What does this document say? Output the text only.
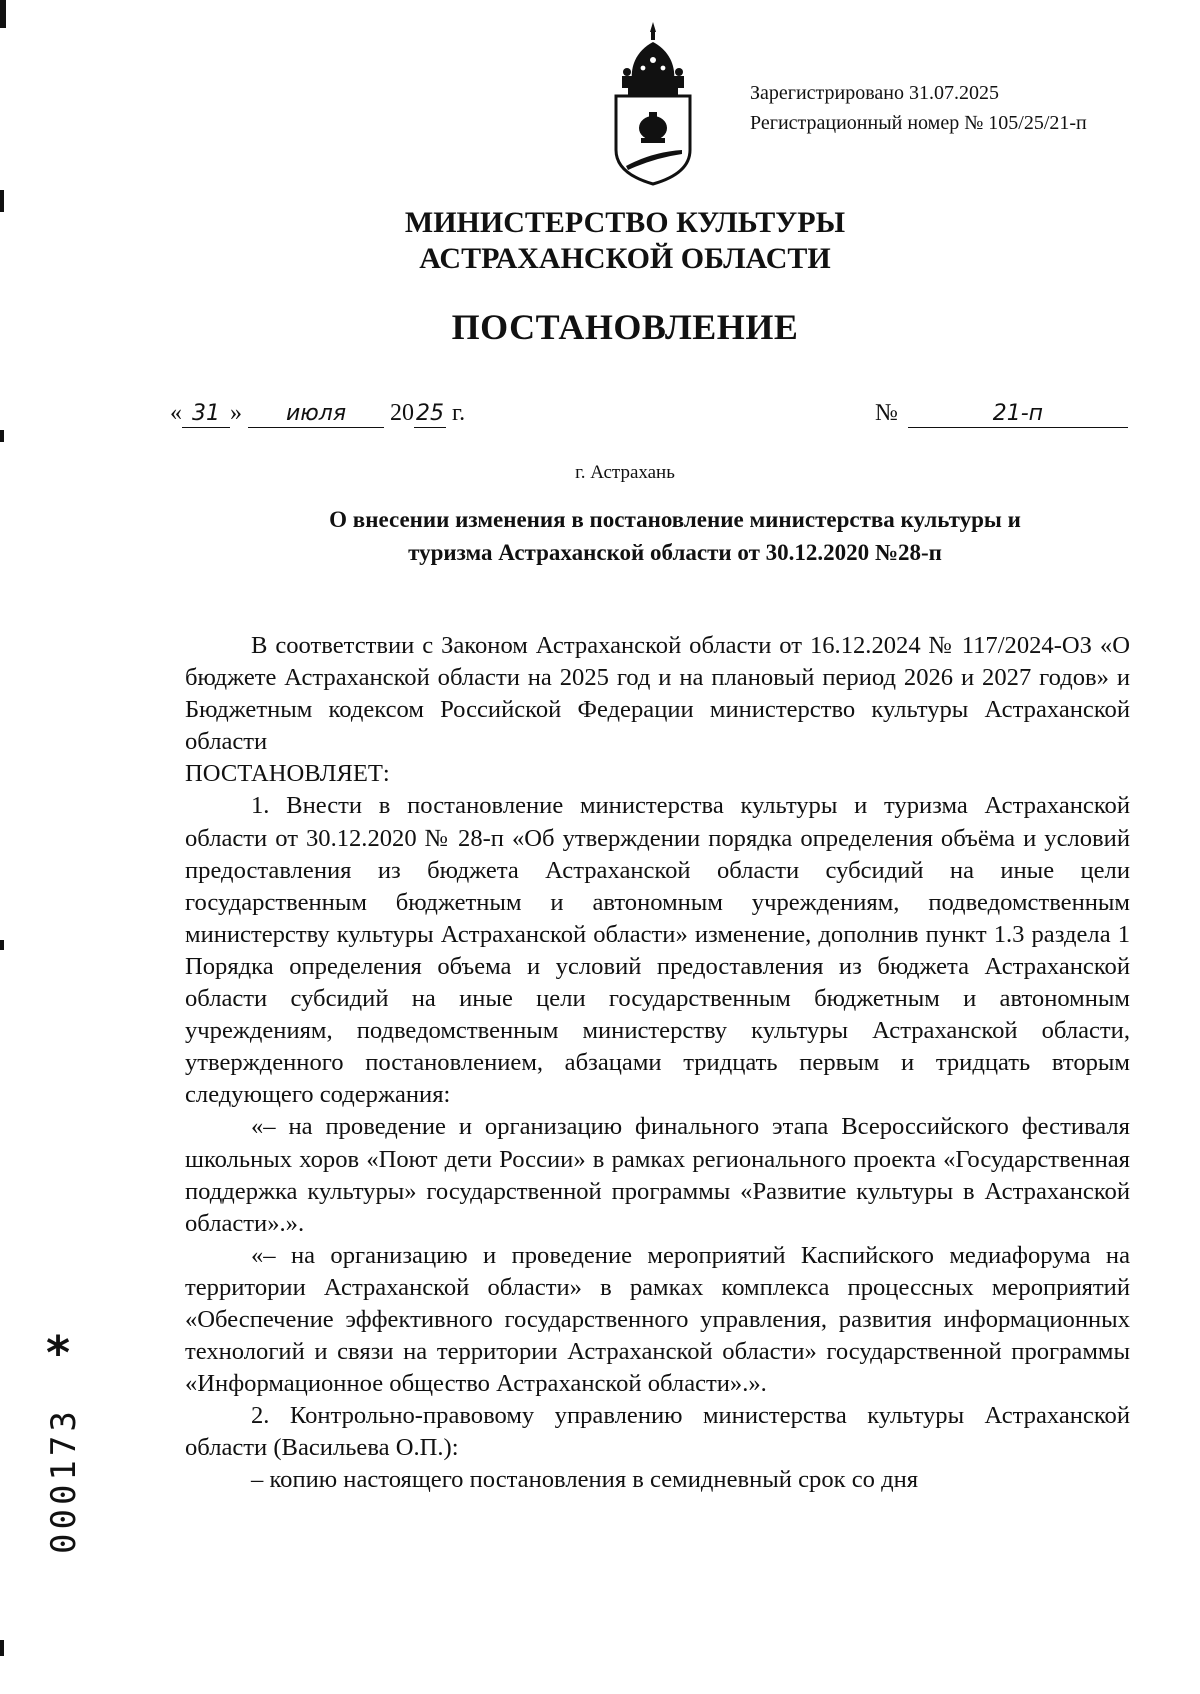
Зарегистрировано 31.07.2025
Регистрационный номер № 105/25/21-п
МИНИСТЕРСТВО КУЛЬТУРЫ
АСТРАХАНСКОЙ ОБЛАСТИ
ПОСТАНОВЛЕНИЕ
« 31 » июля 2025 г.	№	21-п
г. Астрахань
О внесении изменения в постановление министерства культуры и
туризма Астраханской области от 30.12.2020 №28-п

В соответствии с Законом Астраханской области от 16.12.2024 № 117/2024-ОЗ «О бюджете Астраханской области на 2025 год и на плановый период 2026 и 2027 годов» и Бюджетным кодексом Российской Федерации министерство культуры Астраханской области

ПОСТАНОВЛЯЕТ:

1. Внести в постановление министерства культуры и туризма Астраханской области от 30.12.2020 № 28-п «Об утверждении порядка определения объёма и условий предоставления из бюджета Астраханской области субсидий на иные цели государственным бюджетным и автономным учреждениям, подведомственным министерству культуры Астраханской области» изменение, дополнив пункт 1.3 раздела 1 Порядка определения объема и условий предоставления из бюджета Астраханской области субсидий на иные цели государственным бюджетным и автономным учреждениям, подведомственным министерству культуры Астраханской области, утвержденного постановлением, абзацами тридцать первым и тридцать вторым следующего содержания:

«– на проведение и организацию финального этапа Всероссийского фестиваля школьных хоров «Поют дети России» в рамках регионального проекта «Государственная поддержка культуры» государственной программы «Развитие культуры в Астраханской области».».

«– на организацию и проведение мероприятий Каспийского медиафорума на территории Астраханской области» в рамках комплекса процессных мероприятий «Обеспечение эффективного государственного управления, развития информационных технологий и связи на территории Астраханской области» государственной программы «Информационное общество Астраханской области».».

2. Контрольно-правовому управлению министерства культуры Астраханской области (Васильева О.П.):

– копию настоящего постановления в семидневный срок со дня

*
000173
